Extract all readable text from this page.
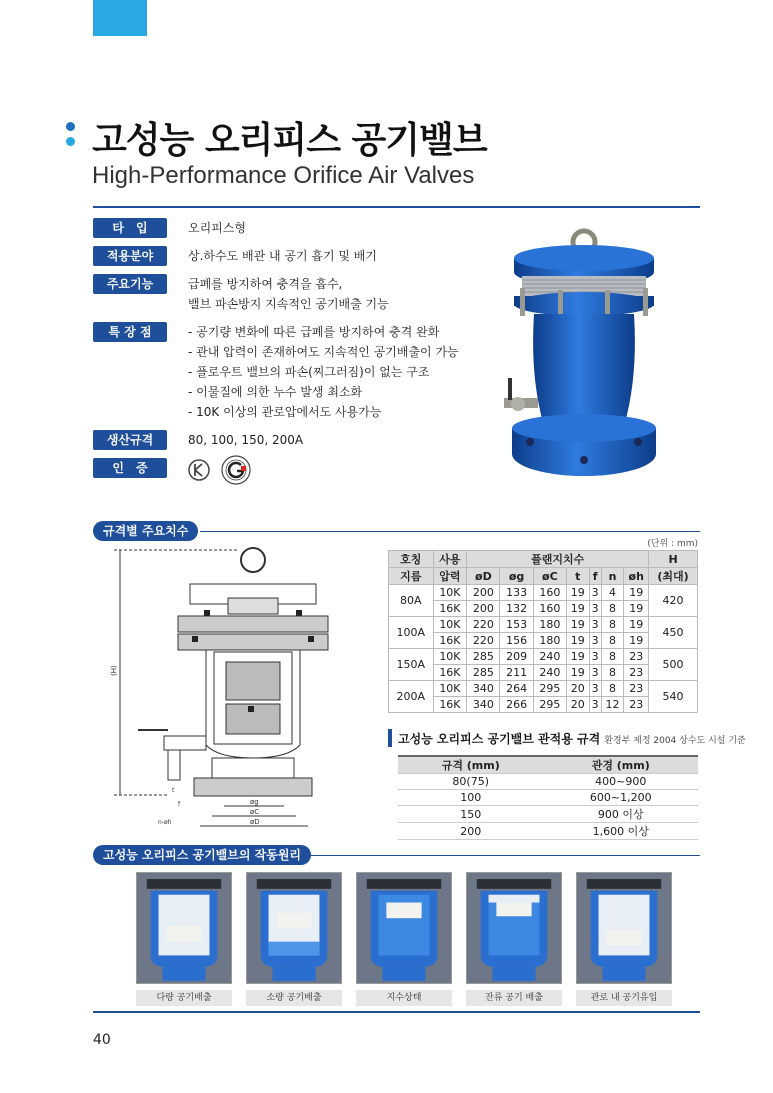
고성능 오리피스 공기밸브
High-Performance Orifice Air Valves
타　입	오리피스형
적용분야	상.하수도 배관 내 공기 흡기 및 배기
주요기능	급폐를 방지하여 충격을 흡수,
밸브 파손방지 지속적인 공기배출 기능
특 장 점	- 공기량 변화에 따른 급폐를 방지하여 충격 완화
- 관내 압력이 존재하여도 지속적인 공기배출이 가능
- 플로우트 밸브의 파손(찌그러짐)이 없는 구조
- 이물질에 의한 누수 발생 최소화
- 10K 이상의 관로압에서도 사용가능
생산규격	80, 100, 150, 200A
인　증
규격별 주요치수
(단위 : mm)
(H)
øg
øC
øD
n-øh
t
f
호칭	사용	플랜지치수							H
지름	압력	øD	øg	øC	t	f	n	øh	(최대)
80A	10K	200	133	160	19	3	4	19	420
	16K	200	132	160	19	3	8	19	
100A	10K	220	153	180	19	3	8	19	450
	16K	220	156	180	19	3	8	19	
150A	10K	285	209	240	19	3	8	23	500
	16K	285	211	240	19	3	8	23	
200A	10K	340	264	295	20	3	8	23	540
	16K	340	266	295	20	3	12	23	
고성능 오리피스 공기밸브 관적용 규격 환경부 제정 2004 상수도 시설 기준
규격 (mm)	관경 (mm)
80(75)	400~900
100	600~1,200
150	900 이상
200	1,600 이상
고성능 오리피스 공기밸브의 작동원리
다량 공기배출	소량 공기배출	지수상태	잔류 공기 배출	관로 내 공기유입
40
